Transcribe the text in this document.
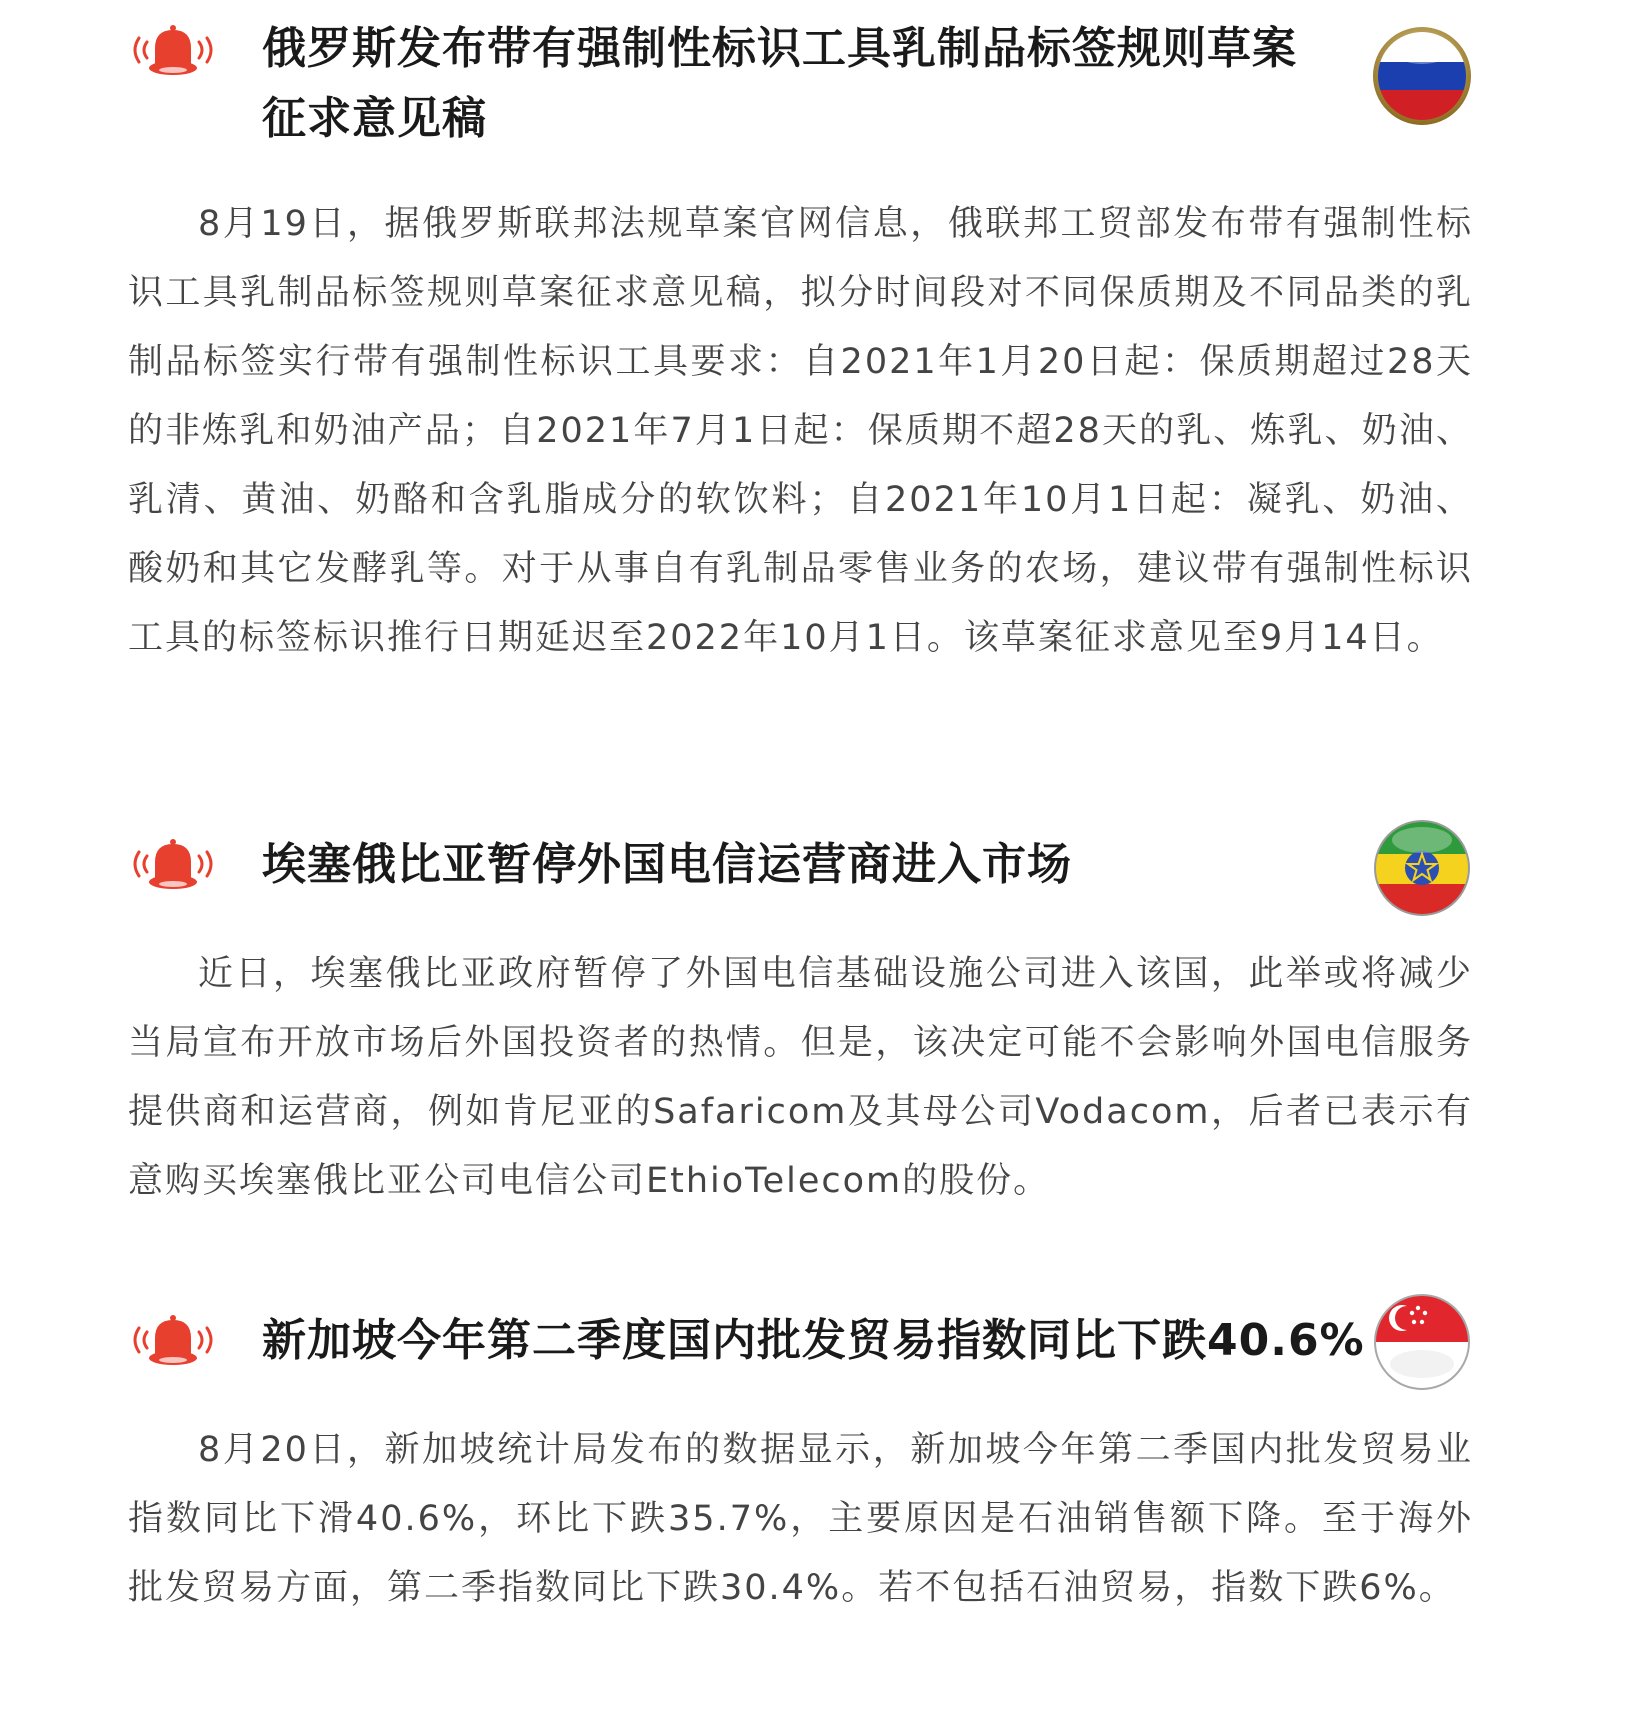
俄罗斯发布带有强制性标识工具乳制品标签规则草案
征求意见稿

8月19日，据俄罗斯联邦法规草案官网信息，俄联邦工贸部发布带有强制性标识工具乳制品标签规则草案征求意见稿，拟分时间段对不同保质期及不同品类的乳制品标签实行带有强制性标识工具要求：自2021年1月20日起：保质期超过28天的非炼乳和奶油产品；自2021年7月1日起：保质期不超28天的乳、炼乳、奶油、乳清、黄油、奶酪和含乳脂成分的软饮料；自2021年10月1日起：凝乳、奶油、酸奶和其它发酵乳等。对于从事自有乳制品零售业务的农场，建议带有强制性标识工具的标签标识推行日期延迟至2022年10月1日。该草案征求意见至9月14日。

埃塞俄比亚暂停外国电信运营商进入市场

近日，埃塞俄比亚政府暂停了外国电信基础设施公司进入该国，此举或将减少当局宣布开放市场后外国投资者的热情。但是，该决定可能不会影响外国电信服务提供商和运营商，例如肯尼亚的Safaricom及其母公司Vodacom，后者已表示有意购买埃塞俄比亚公司电信公司EthioTelecom的股份。

新加坡今年第二季度国内批发贸易指数同比下跌40.6%

8月20日，新加坡统计局发布的数据显示，新加坡今年第二季国内批发贸易业指数同比下滑40.6%，环比下跌35.7%，主要原因是石油销售额下降。至于海外批发贸易方面，第二季指数同比下跌30.4%。若不包括石油贸易，指数下跌6%。
